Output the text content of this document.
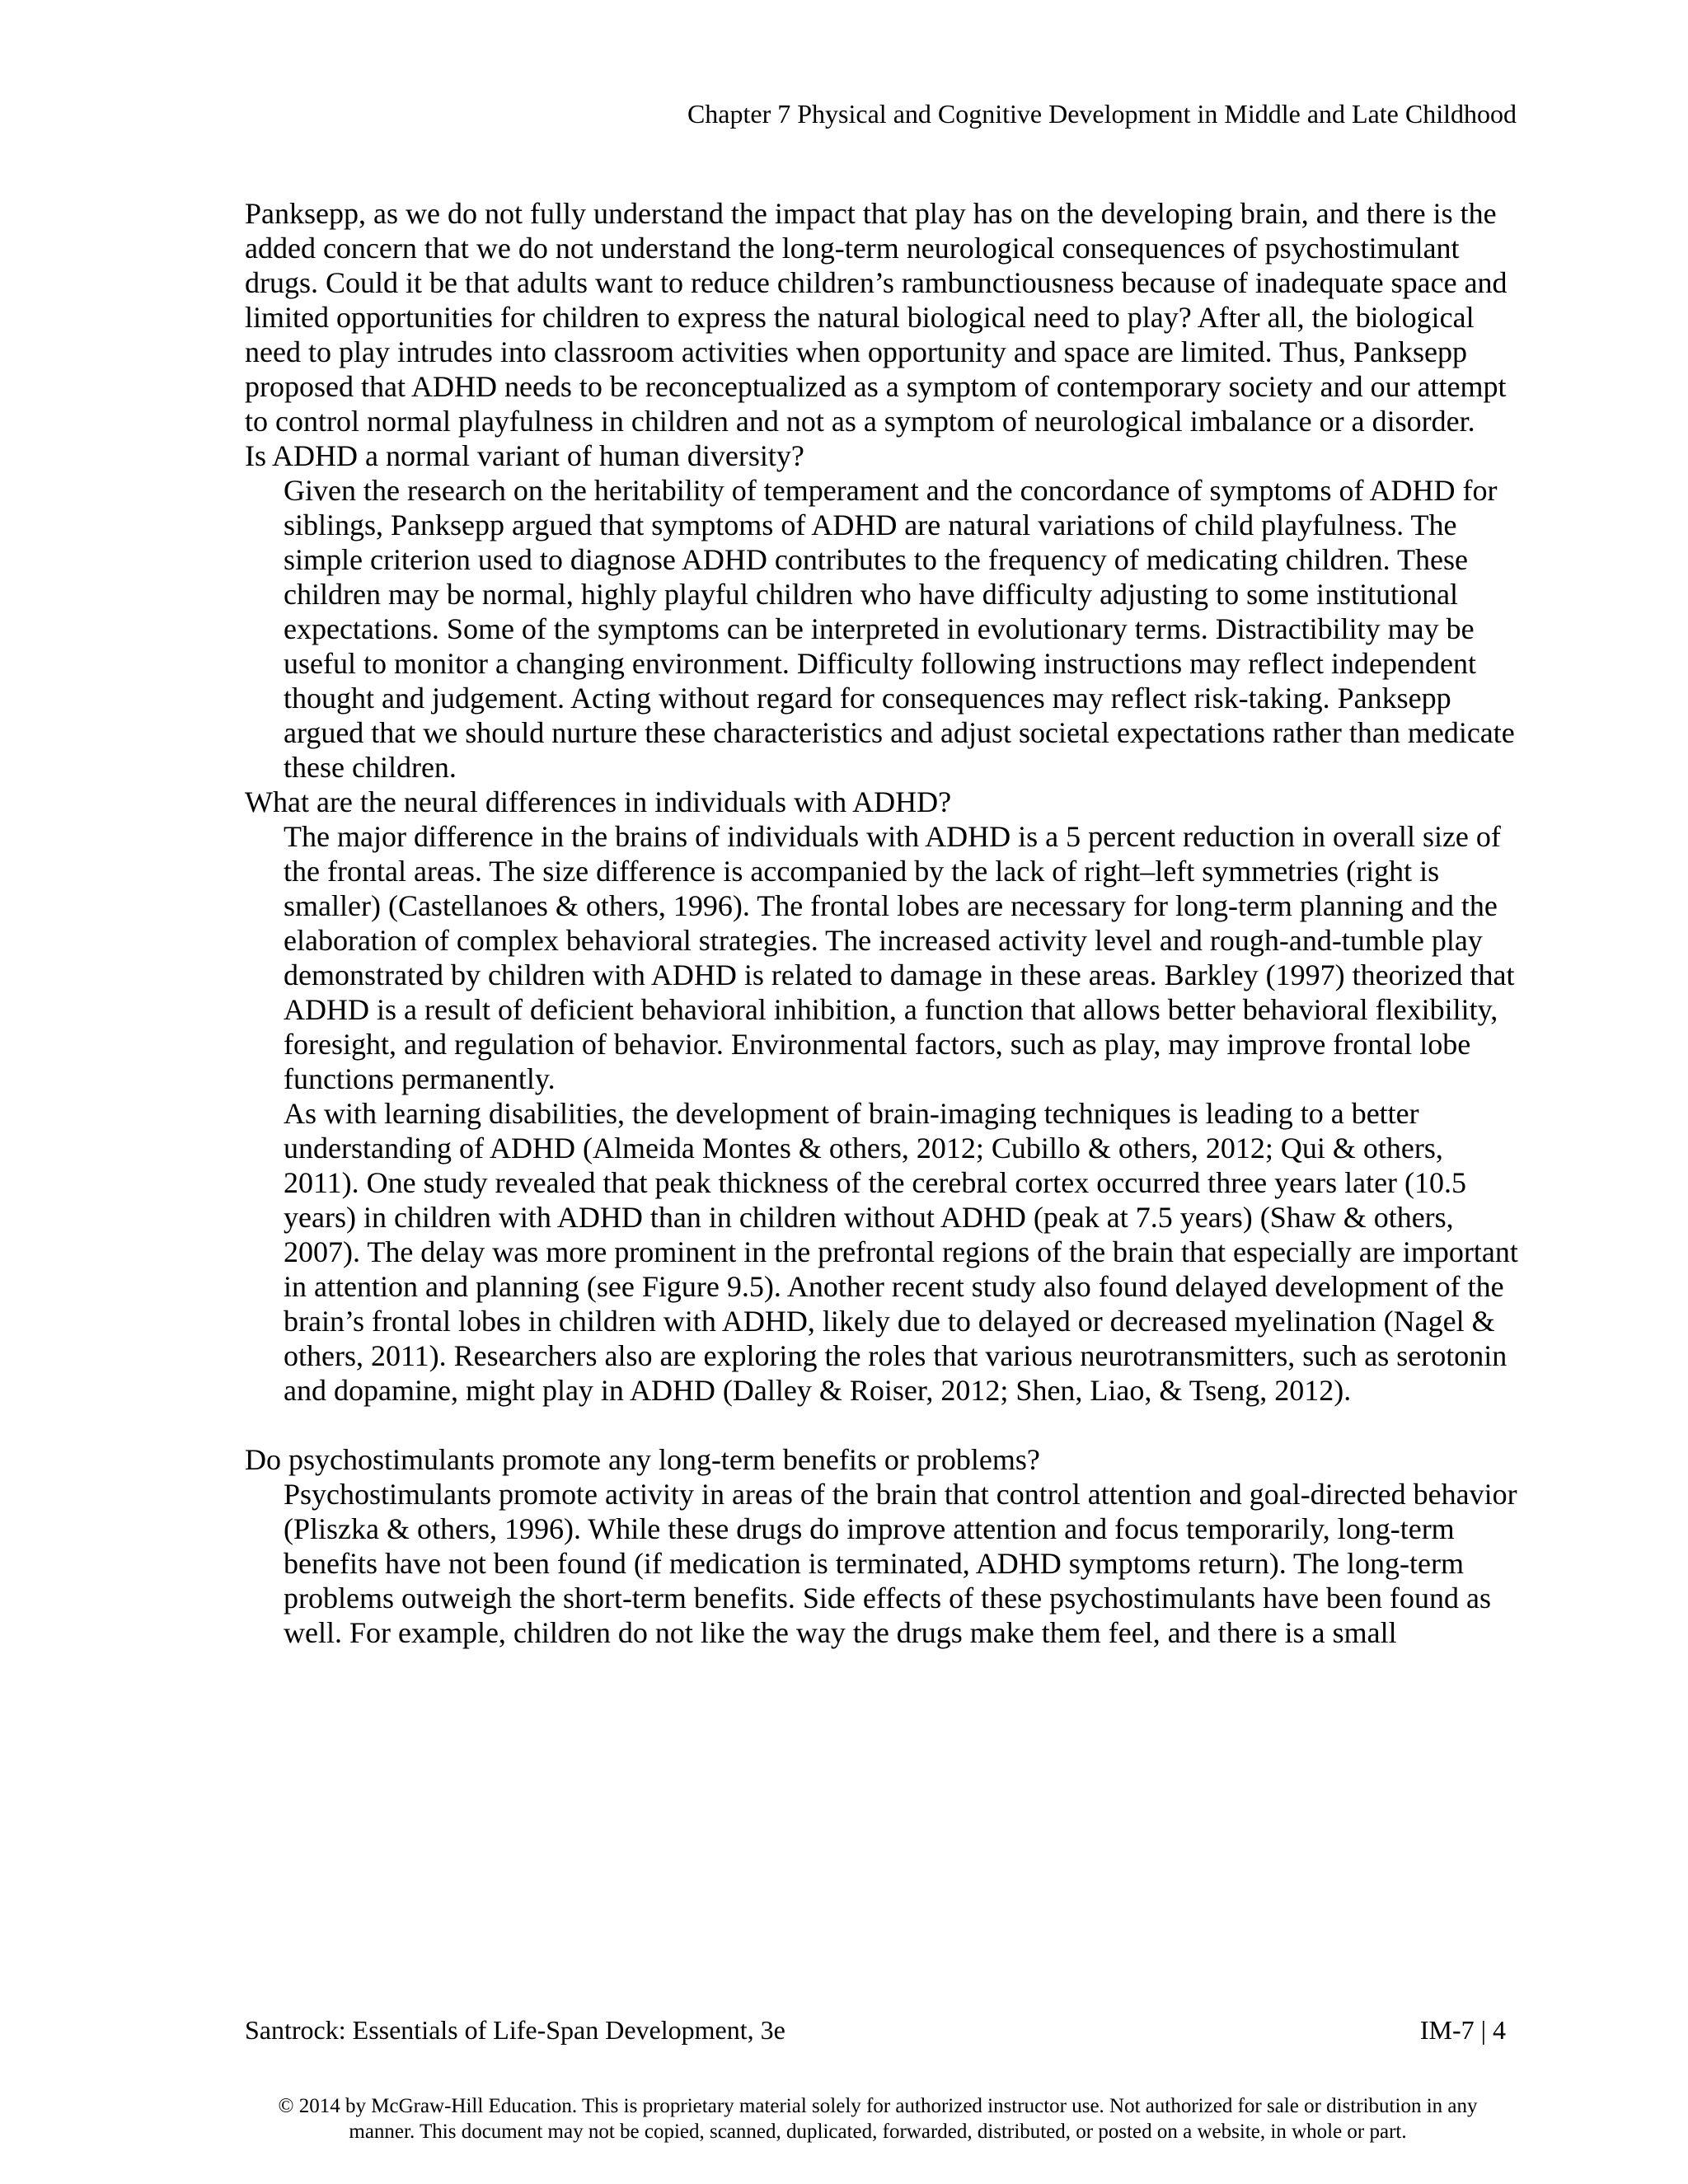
Chapter 7 Physical and Cognitive Development in Middle and Late Childhood

Panksepp, as we do not fully understand the impact that play has on the developing brain, and there is the added concern that we do not understand the long-term neurological consequences of psychostimulant drugs. Could it be that adults want to reduce children’s rambunctiousness because of inadequate space and limited opportunities for children to express the natural biological need to play? After all, the biological need to play intrudes into classroom activities when opportunity and space are limited. Thus, Panksepp proposed that ADHD needs to be reconceptualized as a symptom of contemporary society and our attempt to control normal playfulness in children and not as a symptom of neurological imbalance or a disorder.

Is ADHD a normal variant of human diversity?

Given the research on the heritability of temperament and the concordance of symptoms of ADHD for siblings, Panksepp argued that symptoms of ADHD are natural variations of child playfulness. The simple criterion used to diagnose ADHD contributes to the frequency of medicating children. These children may be normal, highly playful children who have difficulty adjusting to some institutional expectations. Some of the symptoms can be interpreted in evolutionary terms. Distractibility may be useful to monitor a changing environment. Difficulty following instructions may reflect independent thought and judgement. Acting without regard for consequences may reflect risk-taking. Panksepp argued that we should nurture these characteristics and adjust societal expectations rather than medicate these children.

What are the neural differences in individuals with ADHD?

The major difference in the brains of individuals with ADHD is a 5 percent reduction in overall size of the frontal areas. The size difference is accompanied by the lack of right–left symmetries (right is smaller) (Castellanoes & others, 1996). The frontal lobes are necessary for long-term planning and the elaboration of complex behavioral strategies. The increased activity level and rough-and-tumble play demonstrated by children with ADHD is related to damage in these areas. Barkley (1997) theorized that ADHD is a result of deficient behavioral inhibition, a function that allows better behavioral flexibility, foresight, and regulation of behavior. Environmental factors, such as play, may improve frontal lobe functions permanently.

As with learning disabilities, the development of brain-imaging techniques is leading to a better understanding of ADHD (Almeida Montes & others, 2012; Cubillo & others, 2012; Qui & others, 2011). One study revealed that peak thickness of the cerebral cortex occurred three years later (10.5 years) in children with ADHD than in children without ADHD (peak at 7.5 years) (Shaw & others, 2007). The delay was more prominent in the prefrontal regions of the brain that especially are important in attention and planning (see Figure 9.5). Another recent study also found delayed development of the brain’s frontal lobes in children with ADHD, likely due to delayed or decreased myelination (Nagel & others, 2011). Researchers also are exploring the roles that various neurotransmitters, such as serotonin and dopamine, might play in ADHD (Dalley & Roiser, 2012; Shen, Liao, & Tseng, 2012).

Do psychostimulants promote any long-term benefits or problems?

Psychostimulants promote activity in areas of the brain that control attention and goal-directed behavior (Pliszka & others, 1996). While these drugs do improve attention and focus temporarily, long-term benefits have not been found (if medication is terminated, ADHD symptoms return). The long-term problems outweigh the short-term benefits. Side effects of these psychostimulants have been found as well. For example, children do not like the way the drugs make them feel, and there is a small

Santrock: Essentials of Life-Span Development, 3e	IM-7 | 4

© 2014 by McGraw-Hill Education. This is proprietary material solely for authorized instructor use. Not authorized for sale or distribution in any

manner. This document may not be copied, scanned, duplicated, forwarded, distributed, or posted on a website, in whole or part.
